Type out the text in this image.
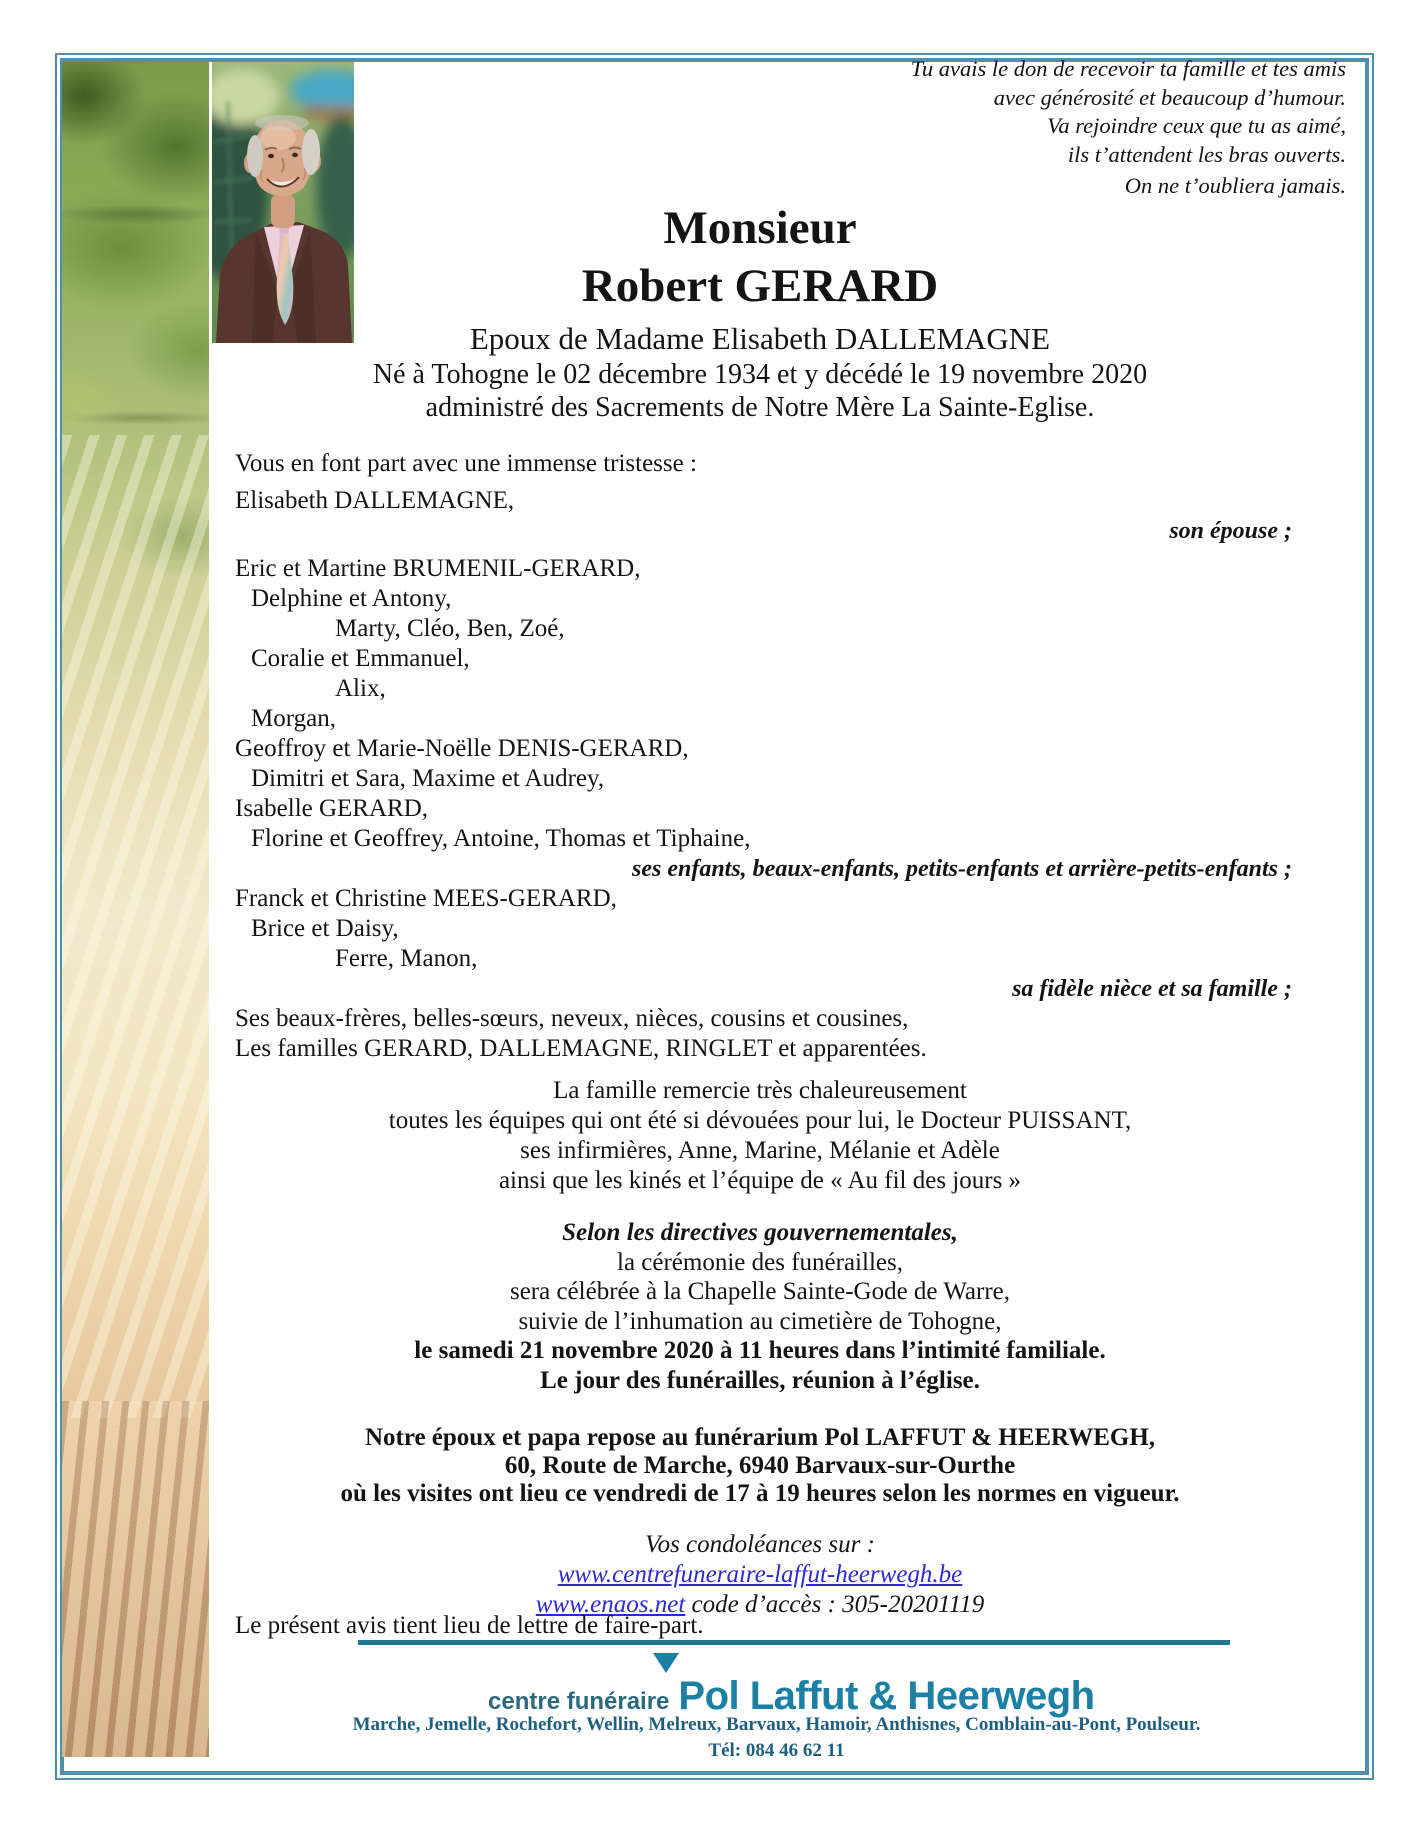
Tu avais le don de recevoir ta famille et tes amis
avec générosité et beaucoup d’humour.
Va rejoindre ceux que tu as aimé,
ils t’attendent les bras ouverts.
On ne t’oubliera jamais.
Monsieur
Robert GERARD
Epoux de Madame Elisabeth DALLEMAGNE
Né à Tohogne le 02 décembre 1934 et y décédé le 19 novembre 2020
administré des Sacrements de Notre Mère La Sainte-Eglise.
Vous en font part avec une immense tristesse :
Elisabeth DALLEMAGNE,
son épouse ;
Eric et Martine BRUMENIL-GERARD,
Delphine et Antony,
Marty, Cléo, Ben, Zoé,
Coralie et Emmanuel,
Alix,
Morgan,
Geoffroy et Marie-Noëlle DENIS-GERARD,
Dimitri et Sara, Maxime et Audrey,
Isabelle GERARD,
Florine et Geoffrey, Antoine, Thomas et Tiphaine,
ses enfants, beaux-enfants, petits-enfants et arrière-petits-enfants ;
Franck et Christine MEES-GERARD,
Brice et Daisy,
Ferre, Manon,
sa fidèle nièce et sa famille ;
Ses beaux-frères, belles-sœurs, neveux, nièces, cousins et cousines,
Les familles GERARD, DALLEMAGNE, RINGLET et apparentées.
La famille remercie très chaleureusement
toutes les équipes qui ont été si dévouées pour lui, le Docteur PUISSANT,
ses infirmières, Anne, Marine, Mélanie et Adèle
ainsi que les kinés et l’équipe de « Au fil des jours »
Selon les directives gouvernementales,
la cérémonie des funérailles,
sera célébrée à la Chapelle Sainte-Gode de Warre,
suivie de l’inhumation au cimetière de Tohogne,
le samedi 21 novembre 2020 à 11 heures dans l’intimité familiale.
Le jour des funérailles, réunion à l’église.
Notre époux et papa repose au funérarium Pol LAFFUT & HEERWEGH,
60, Route de Marche, 6940 Barvaux-sur-Ourthe
où les visites ont lieu ce vendredi de 17 à 19 heures selon les normes en vigueur.
Vos condoléances sur :
www.centrefuneraire-laffut-heerwegh.be
www.enaos.net code d’accès : 305-20201119
Le présent avis tient lieu de lettre de faire-part.
centre funéraire Pol Laffut & Heerwegh
Marche, Jemelle, Rochefort, Wellin, Melreux, Barvaux, Hamoir, Anthisnes, Comblain-au-Pont, Poulseur.
Tél: 084 46 62 11
